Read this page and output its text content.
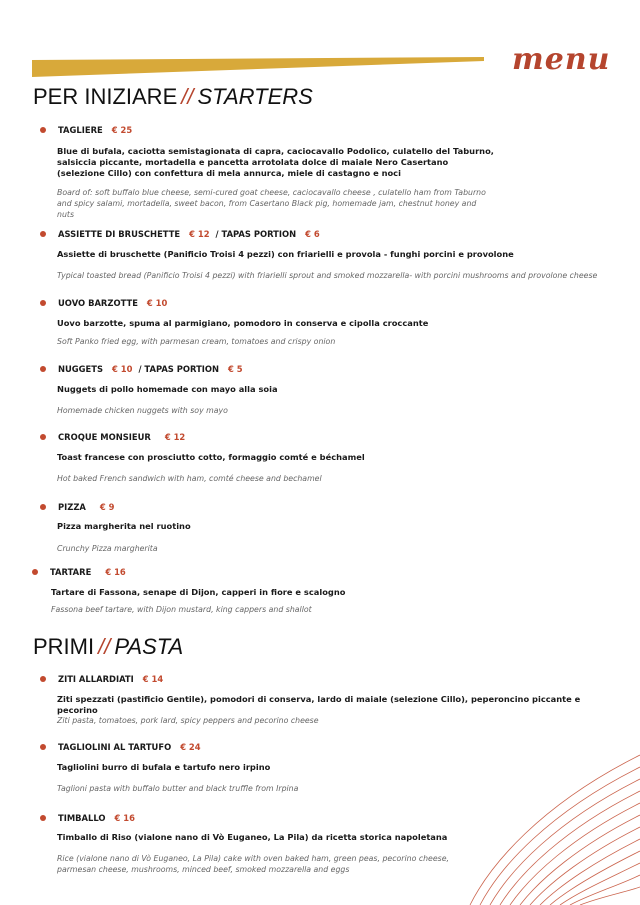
menu
PER INIZIARE // STARTERS
PRIMI // PASTA
TAGLIERE € 25
Blue di bufala, caciotta semistagionata di capra, caciocavallo Podolico, culatello del Taburno, salsiccia piccante, mortadella e pancetta arrotolata dolce di maiale Nero Casertano (selezione Cillo) con confettura di mela annurca, miele di castagno e noci
Board of: soft buffalo blue cheese, semi-cured goat cheese, caciocavallo cheese , culatello ham from Taburno and spicy salami, mortadella, sweet bacon, from Casertano Black pig, homemade jam, chestnut honey and nuts
ASSIETTE DI BRUSCHETTE € 12 / TAPAS PORTION € 6
Assiette di bruschette (Panificio Troisi 4 pezzi) con friarielli e provola - funghi porcini e provolone
Typical toasted bread (Panificio Troisi 4 pezzi) with friarielli sprout and smoked mozzarella- with porcini mushrooms and provolone cheese
UOVO BARZOTTE € 10
Uovo barzotte, spuma al parmigiano, pomodoro in conserva e cipolla croccante
Soft Panko fried egg, with parmesan cream, tomatoes and crispy onion
NUGGETS € 10 / TAPAS PORTION € 5
Nuggets di pollo homemade con mayo alla soia
Homemade chicken nuggets with soy mayo
CROQUE MONSIEUR € 12
Toast francese con prosciutto cotto, formaggio comté e béchamel
Hot baked French sandwich with ham, comté cheese and bechamel
PIZZA € 9
Pizza margherita nel ruotino
Crunchy Pizza margherita
TARTARE € 16
Tartare di Fassona, senape di Dijon, capperi in fiore e scalogno
Fassona beef tartare, with Dijon mustard, king cappers and shallot
ZITI ALLARDIATI € 14
Ziti spezzati (pastificio Gentile), pomodori di conserva, lardo di maiale (selezione Cillo), peperoncino piccante e pecorino
Ziti pasta, tomatoes, pork lard, spicy peppers and pecorino cheese
TAGLIOLINI AL TARTUFO € 24
Tagliolini burro di bufala e tartufo nero irpino
Taglioni pasta with buffalo butter and black truffle from Irpina
TIMBALLO € 16
Timballo di Riso (vialone nano di Vò Euganeo, La Pila) da ricetta storica napoletana
Rice (vialone nano di Vò Euganeo, La Pila) cake with oven baked ham, green peas, pecorino cheese, parmesan cheese, mushrooms, minced beef, smoked mozzarella and eggs
